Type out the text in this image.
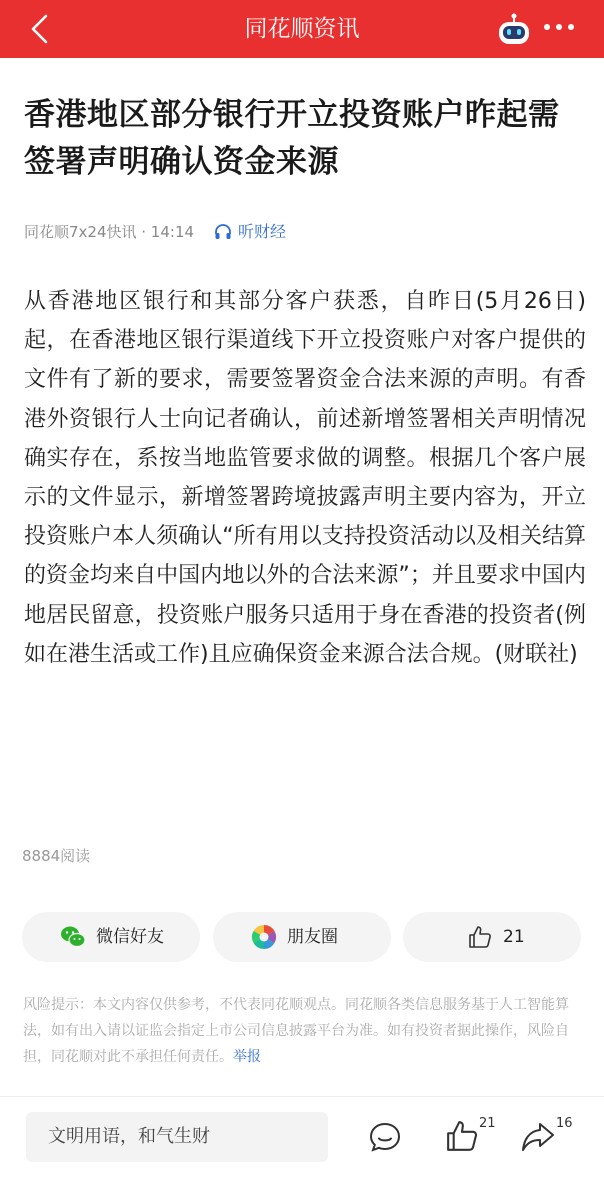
同花顺资讯
香港地区部分银行开立投资账户昨起需签署声明确认资金来源
同花顺7x24快讯 · 14:14	听财经
从香港地区银行和其部分客户获悉，自昨日(5月26日)起，在香港地区银行渠道线下开立投资账户对客户提供的文件有了新的要求，需要签署资金合法来源的声明。有香港外资银行人士向记者确认，前述新增签署相关声明情况确实存在，系按当地监管要求做的调整。根据几个客户展示的文件显示，新增签署跨境披露声明主要内容为，开立投资账户本人须确认“所有用以支持投资活动以及相关结算的资金均来自中国内地以外的合法来源”；并且要求中国内地居民留意，投资账户服务只适用于身在香港的投资者(例如在港生活或工作)且应确保资金来源合法合规。(财联社)
8884阅读
微信好友	朋友圈	21
风险提示：本文内容仅供参考，不代表同花顺观点。同花顺各类信息服务基于人工智能算法，如有出入请以证监会指定上市公司信息披露平台为准。如有投资者据此操作，风险自担，同花顺对此不承担任何责任。举报
文明用语，和气生财
21	16
